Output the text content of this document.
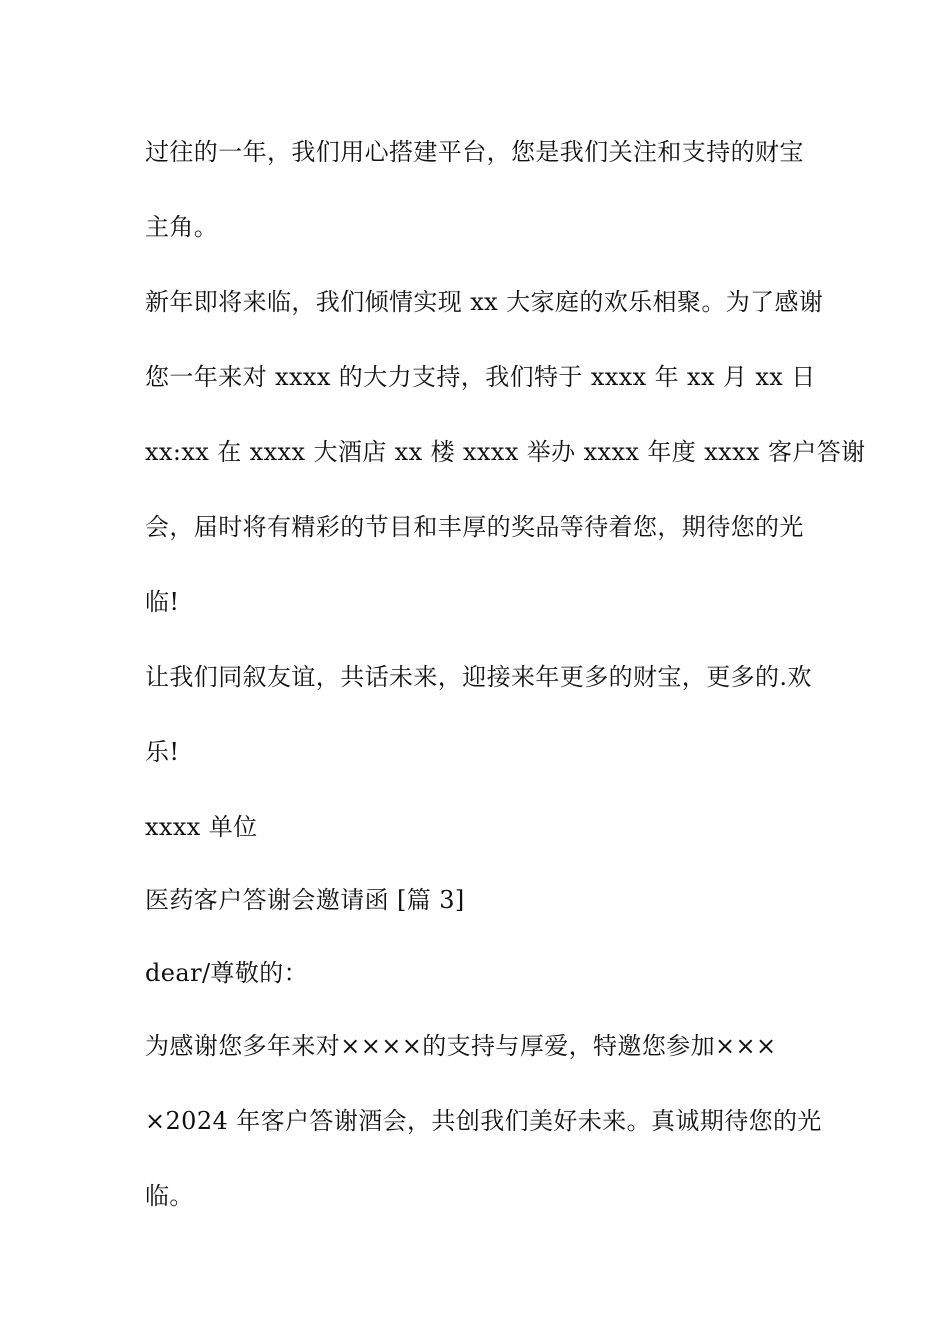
过往的一年，我们用心搭建平台，您是我们关注和支持的财宝
主角。
新年即将来临，我们倾情实现 xx 大家庭的欢乐相聚。为了感谢
您一年来对 xxxx 的大力支持，我们特于 xxxx 年 xx 月 xx 日
xx:xx 在 xxxx 大酒店 xx 楼 xxxx 举办 xxxx 年度 xxxx 客户答谢
会，届时将有精彩的节目和丰厚的奖品等待着您，期待您的光
临!
让我们同叙友谊，共话未来，迎接来年更多的财宝，更多的.欢
乐!
xxxx 单位
医药客户答谢会邀请函 [篇 3]
dear/尊敬的：
为感谢您多年来对××××的支持与厚爱，特邀您参加×××
×2024 年客户答谢酒会，共创我们美好未来。真诚期待您的光
临。
